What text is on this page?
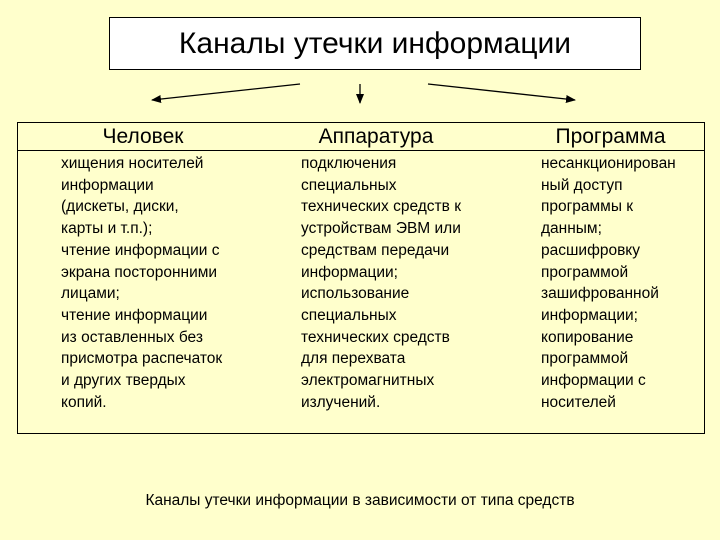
Каналы утечки информации
Человек	Аппаратура	Программа
хищения носителей
информации
(дискеты, диски,
карты и т.п.);
чтение информации с
экрана посторонними
лицами;
чтение информации
из оставленных без
присмотра распечаток
и других твердых
копий.
подключения
специальных
технических средств к
устройствам ЭВМ или
средствам передачи
информации;
использование
специальных
технических средств
для перехвата
электромагнитных
излучений.
несанкционирован
ный доступ
программы к
данным;
расшифровку
программой
зашифрованной
информации;
копирование
программой
информации с
носителей
Каналы утечки информации в зависимости от типа средств
